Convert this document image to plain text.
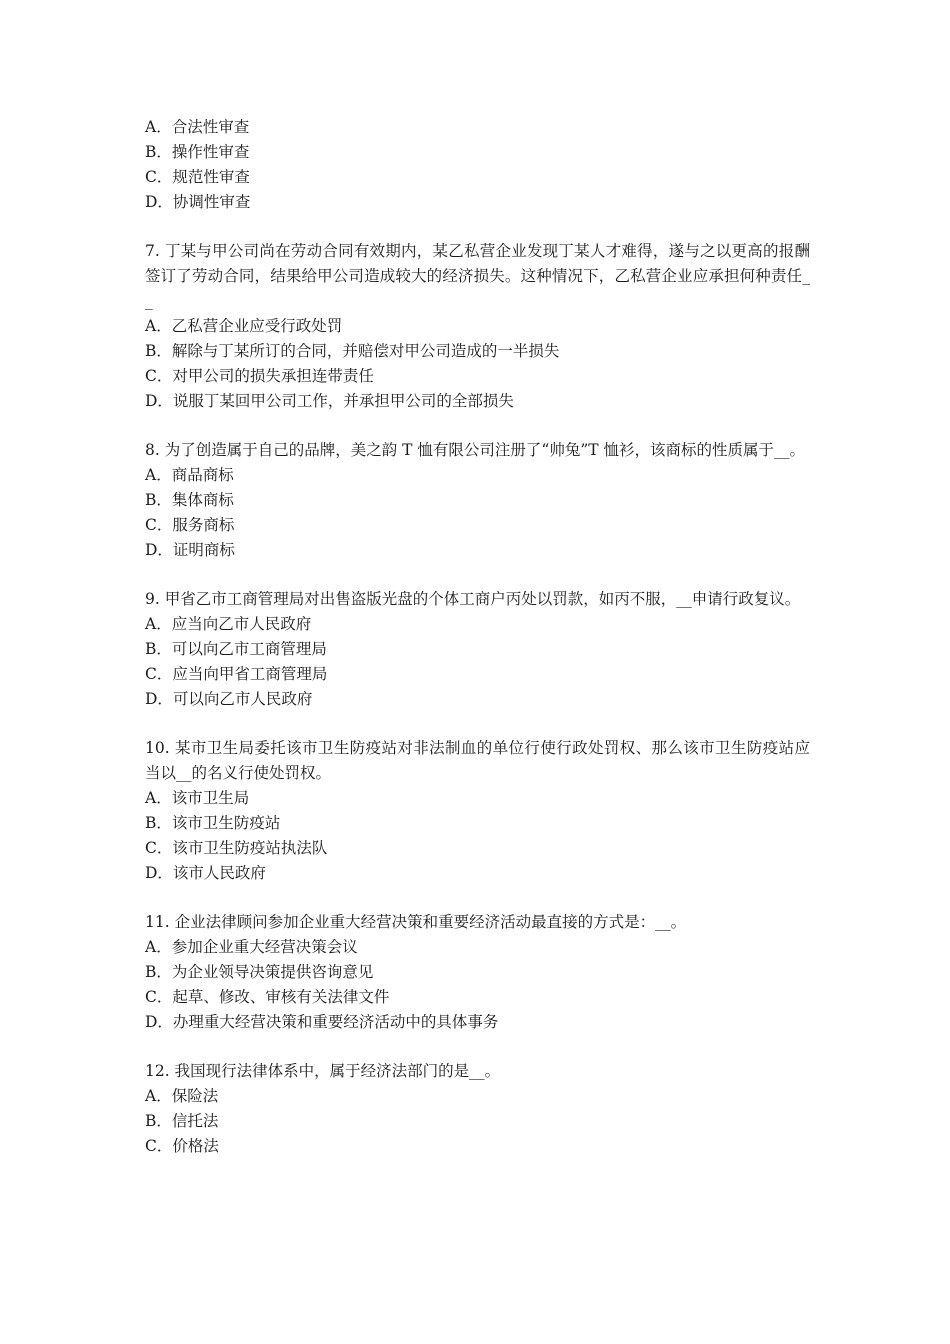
A．合法性审查
B．操作性审查
C．规范性审查
D．协调性审查
7. 丁某与甲公司尚在劳动合同有效期内，某乙私营企业发现丁某人才难得，遂与之以更高的报酬签订了劳动合同，结果给甲公司造成较大的经济损失。这种情况下，乙私营企业应承担何种责任__
A．乙私营企业应受行政处罚
B．解除与丁某所订的合同，并赔偿对甲公司造成的一半损失
C．对甲公司的损失承担连带责任
D．说服丁某回甲公司工作，并承担甲公司的全部损失
8. 为了创造属于自己的品牌，美之韵 T 恤有限公司注册了“帅兔”T 恤衫，该商标的性质属于__。
A．商品商标
B．集体商标
C．服务商标
D．证明商标
9. 甲省乙市工商管理局对出售盗版光盘的个体工商户丙处以罚款，如丙不服，__申请行政复议。
A．应当向乙市人民政府
B．可以向乙市工商管理局
C．应当向甲省工商管理局
D．可以向乙市人民政府
10. 某市卫生局委托该市卫生防疫站对非法制血的单位行使行政处罚权、那么该市卫生防疫站应当以__的名义行使处罚权。
A．该市卫生局
B．该市卫生防疫站
C．该市卫生防疫站执法队
D．该市人民政府
11. 企业法律顾问参加企业重大经营决策和重要经济活动最直接的方式是：__。
A．参加企业重大经营决策会议
B．为企业领导决策提供咨询意见
C．起草、修改、审核有关法律文件
D．办理重大经营决策和重要经济活动中的具体事务
12. 我国现行法律体系中，属于经济法部门的是__。
A．保险法
B．信托法
C．价格法
